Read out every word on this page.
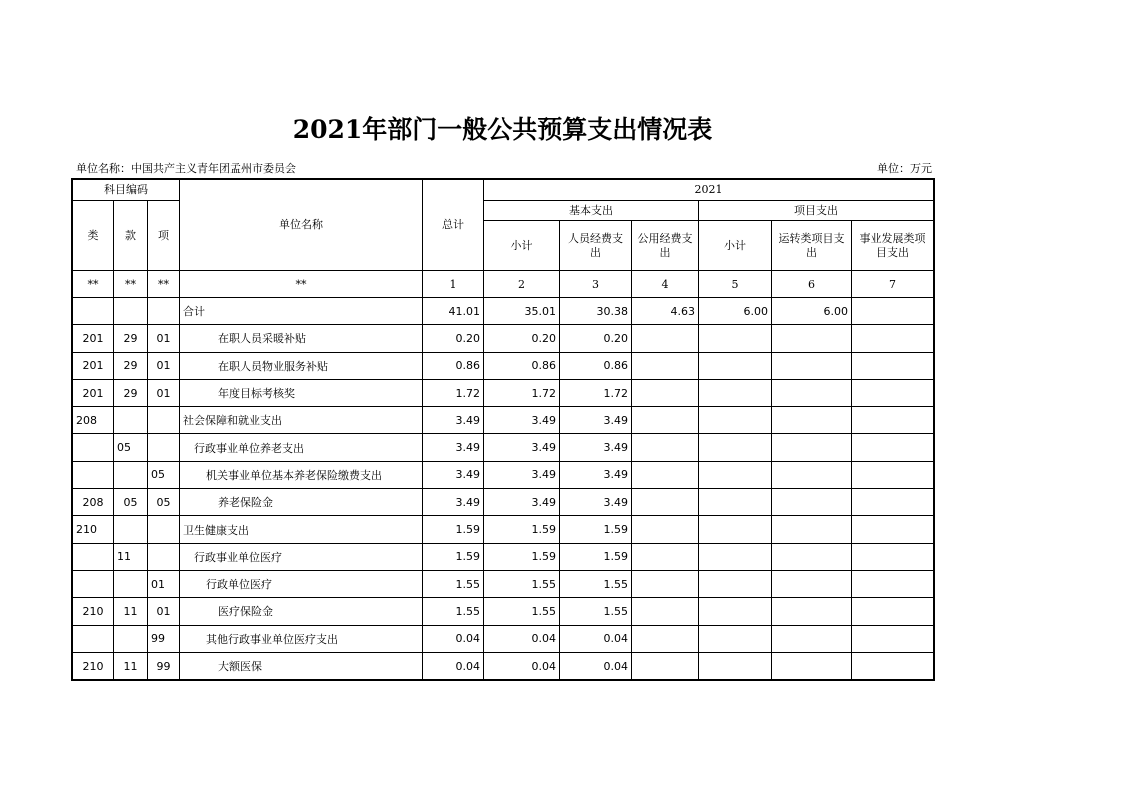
2021年部门一般公共预算支出情况表
单位名称：中国共产主义青年团孟州市委员会	单位：万元
科目编码			单位名称	总计	2021					
类	款	项			基本支出			项目支出		
					小计	人员经费支出	公用经费支出	小计	运转类项目支出	事业发展类项目支出
**	**	**	**	1	2	3	4	5	6	7
			合计	41.01	35.01	30.38	4.63	6.00	6.00	
201	29	01	在职人员采暖补贴	0.20	0.20	0.20				
201	29	01	在职人员物业服务补贴	0.86	0.86	0.86				
201	29	01	年度目标考核奖	1.72	1.72	1.72				
208			社会保障和就业支出	3.49	3.49	3.49				
	05		行政事业单位养老支出	3.49	3.49	3.49				
		05	机关事业单位基本养老保险缴费支出	3.49	3.49	3.49				
208	05	05	养老保险金	3.49	3.49	3.49				
210			卫生健康支出	1.59	1.59	1.59				
	11		行政事业单位医疗	1.59	1.59	1.59				
		01	行政单位医疗	1.55	1.55	1.55				
210	11	01	医疗保险金	1.55	1.55	1.55				
		99	其他行政事业单位医疗支出	0.04	0.04	0.04				
210	11	99	大额医保	0.04	0.04	0.04				
